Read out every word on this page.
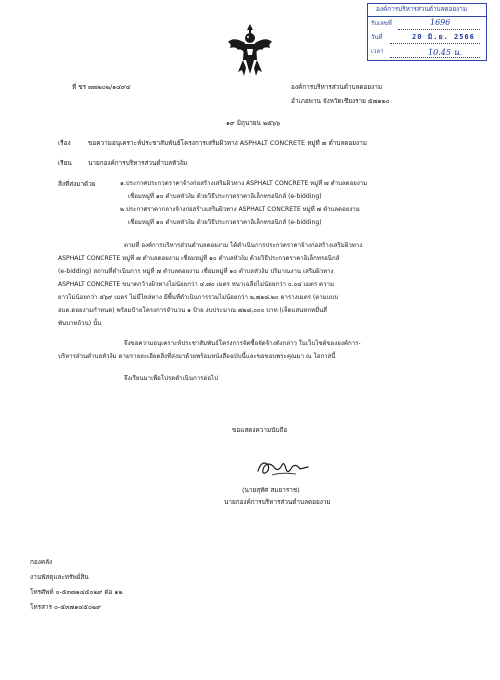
องค์การบริหารส่วนตำบลดอยงาม
รับเลขที่	1696
วันที่	20 มิ.ย. 2566
เวลา	10.45 น.
ที่ ชร ๗๗๒๐๒/๑๔๙๔	องค์การบริหารส่วนตำบลดอยงาม
อำเภอพาน จังหวัดเชียงราย ๕๗๑๒๐
๑๙ มิถุนายน ๒๕๖๖
เรื่อง	ขอความอนุเคราะห์ประชาสัมพันธ์โครงการเสริมผิวทาง ASPHALT CONCRETE หมู่ที่ ๗ ตำบลดอยงาม
เรียน	นายกองค์การบริหารส่วนตำบลหัวง้ม
สิ่งที่ส่งมาด้วย	๑.ประกาศประกวดราคาจ้างก่อสร้างเสริมผิวทาง ASPHALT CONCRETE หมู่ที่ ๗ ตำบลดอยงาม
เชื่อมหมู่ที่ ๑๐ ตำบลหัวง้ม ด้วยวิธีประกวดราคาอิเล็กทรอนิกส์ (e-bidding)
๒.ประกาศราคากลางจ้างก่อสร้างเสริมผิวทาง ASPHALT CONCRETE หมู่ที่ ๗ ตำบลดอยงาม
เชื่อมหมู่ที่ ๑๐ ตำบลหัวง้ม ด้วยวิธีประกวดราคาอิเล็กทรอนิกส์ (e-bidding)
ตามที่ องค์การบริหารส่วนตำบลดอยงาม ได้ดำเนินการประกวดราคาจ้างก่อสร้างเสริมผิวทาง
ASPHALT CONCRETE หมู่ที่ ๗ ตำบลดอยงาม เชื่อมหมู่ที่ ๑๐ ตำบลหัวง้ม ด้วยวิธีประกวดราคาอิเล็กทรอนิกส์
(e-bidding) สถานที่ดำเนินการ หมู่ที่ ๗ ตำบลดอยงาม เชื่อมหมู่ที่ ๑๐ ตำบลหัวง้ม ปริมาณงาน เสริมผิวทาง
ASPHALT CONCRETE ขนาดกว้างผิวทางไม่น้อยกว่า ๔.๗๐ เมตร หนาเฉลี่ยไม่น้อยกว่า ๐.๐๔ เมตร ความ
ยาวไม่น้อยกว่า ๕๖๙ เมตร ไม่มีไหล่ทาง มีพื้นที่ดำเนินการรวมไม่น้อยกว่า ๒,๗๑๘.๒๐ ตารางเมตร (ตามแบบ
อบต.ดอยงามกำหนด) พร้อมป้ายโครงการจำนวน ๑ ป้าย งบประมาณ ๗๒๘,๐๐๐ บาท (เจ็ดแสนหกหมื่นสี่
พันบาทถ้วน) นั้น
จึงขอความอนุเคราะห์ประชาสัมพันธ์โครงการจัดซื้อจัดจ้างดังกล่าว ในเว็บไซต์ขององค์การ-
บริหารส่วนตำบลหัวง้ม ตามรายละเอียดสิ่งที่ส่งมาด้วยพร้อมหนังสือฉบับนี้และขอขอบพระคุณมา ณ โอกาสนี้
จึงเรียนมาเพื่อโปรดดำเนินการต่อไป
ขอแสดงความนับถือ
(นายสุทัศ สมยาราช)
นายกองค์การบริหารส่วนตำบลดอยงาม
กองคลัง
งานพัสดุและทรัพย์สิน
โทรศัพท์ ๐-๕๓๗๑๔๕๐๒๙ ต่อ ๑๒
โทรสาร ๐-๕๓๗๑๔๕๐๒๙
